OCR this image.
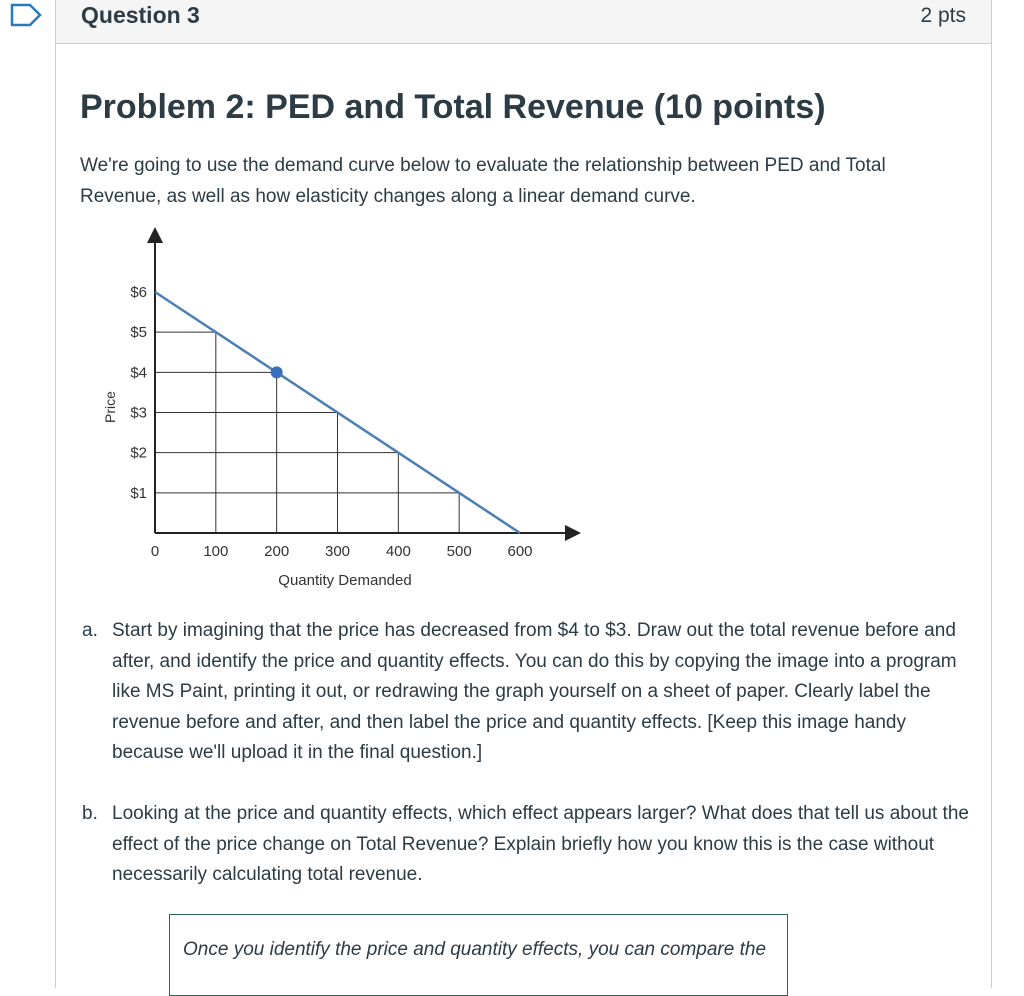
Question 3	2 pts
Problem 2: PED and Total Revenue (10 points)
We're going to use the demand curve below to evaluate the relationship between PED and Total Revenue, as well as how elasticity changes along a linear demand curve.
$1
$2
$3
$4
$5
$6
0	100 200 300 400 500 600
Quantity Demanded
Price
a. Start by imagining that the price has decreased from $4 to $3. Draw out the total revenue before and after, and identify the price and quantity effects. You can do this by copying the image into a program like MS Paint, printing it out, or redrawing the graph yourself on a sheet of paper. Clearly label the revenue before and after, and then label the price and quantity effects. [Keep this image handy because we'll upload it in the final question.]
b. Looking at the price and quantity effects, which effect appears larger? What does that tell us about the effect of the price change on Total Revenue? Explain briefly how you know this is the case without necessarily calculating total revenue.
Once you identify the price and quantity effects, you can compare the
